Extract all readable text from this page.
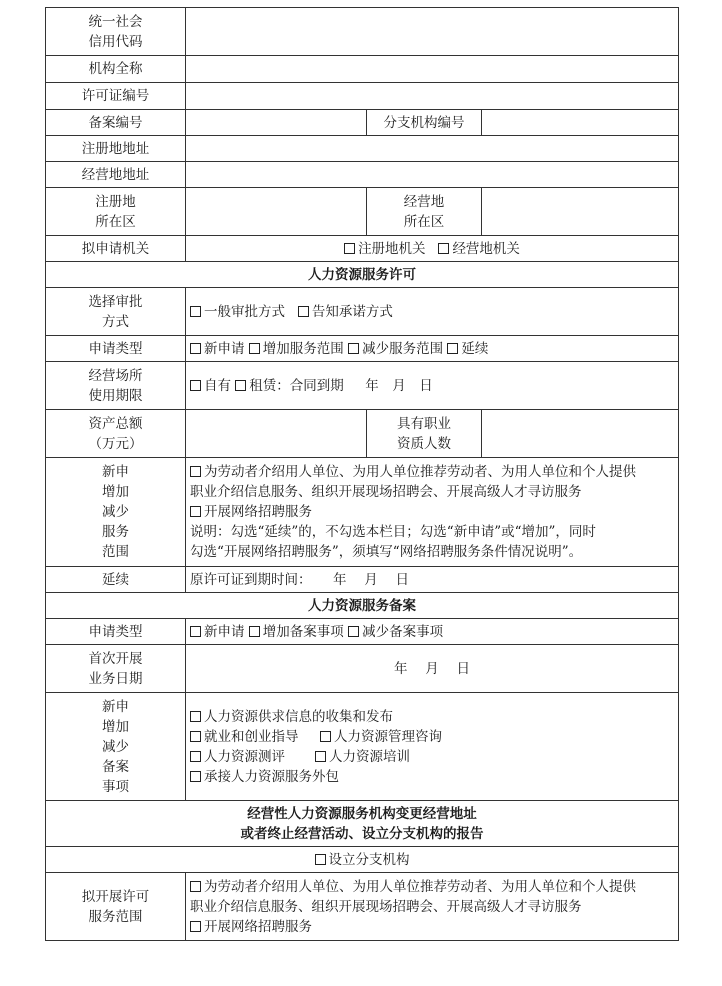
统一社会
信用代码			

机构全称			
许可证编号			
备案编号		分支机构编号	
注册地地址			
经营地地址			

注册地
所在区		经营地
所在区	

拟申请机关	注册地机关 经营地机关		
人力资源服务许可			

选择审批
方式	一般审批方式 告知承诺方式		
申请类型	新申请 增加服务范围 减少服务范围 延续		

经营场所
使用期限	自有 租赁：合同到期 年　月　日		

资产总额
（万元）		具有职业
资质人数	

新申
增加
减少
服务
范围	为劳动者介绍用人单位、为用人单位推荐劳动者、为用人单位和个人提供
职业介绍信息服务、组织开展现场招聘会、开展高级人才寻访服务
开展网络招聘服务
说明：勾选“延续”的，不勾选本栏目；勾选“新申请”或“增加”，同时
勾选“开展网络招聘服务”，须填写“网络招聘服务条件情况说明”。		

延续	原许可证到期时间： 年　 月　 日		
人力资源服务备案			
申请类型	新申请 增加备案事项 减少备案事项		

首次开展
业务日期	年　 月　 日		

新申
增加
减少
备案
事项	人力资源供求信息的收集和发布
就业和创业指导 人力资源管理咨询
人力资源测评 人力资源培训
承接人力资源服务外包		

经营性人力资源服务机构变更经营地址
或者终止经营活动、设立分支机构的报告			

设立分支机构			

拟开展许可
服务范围	为劳动者介绍用人单位、为用人单位推荐劳动者、为用人单位和个人提供
职业介绍信息服务、组织开展现场招聘会、开展高级人才寻访服务
开展网络招聘服务		
